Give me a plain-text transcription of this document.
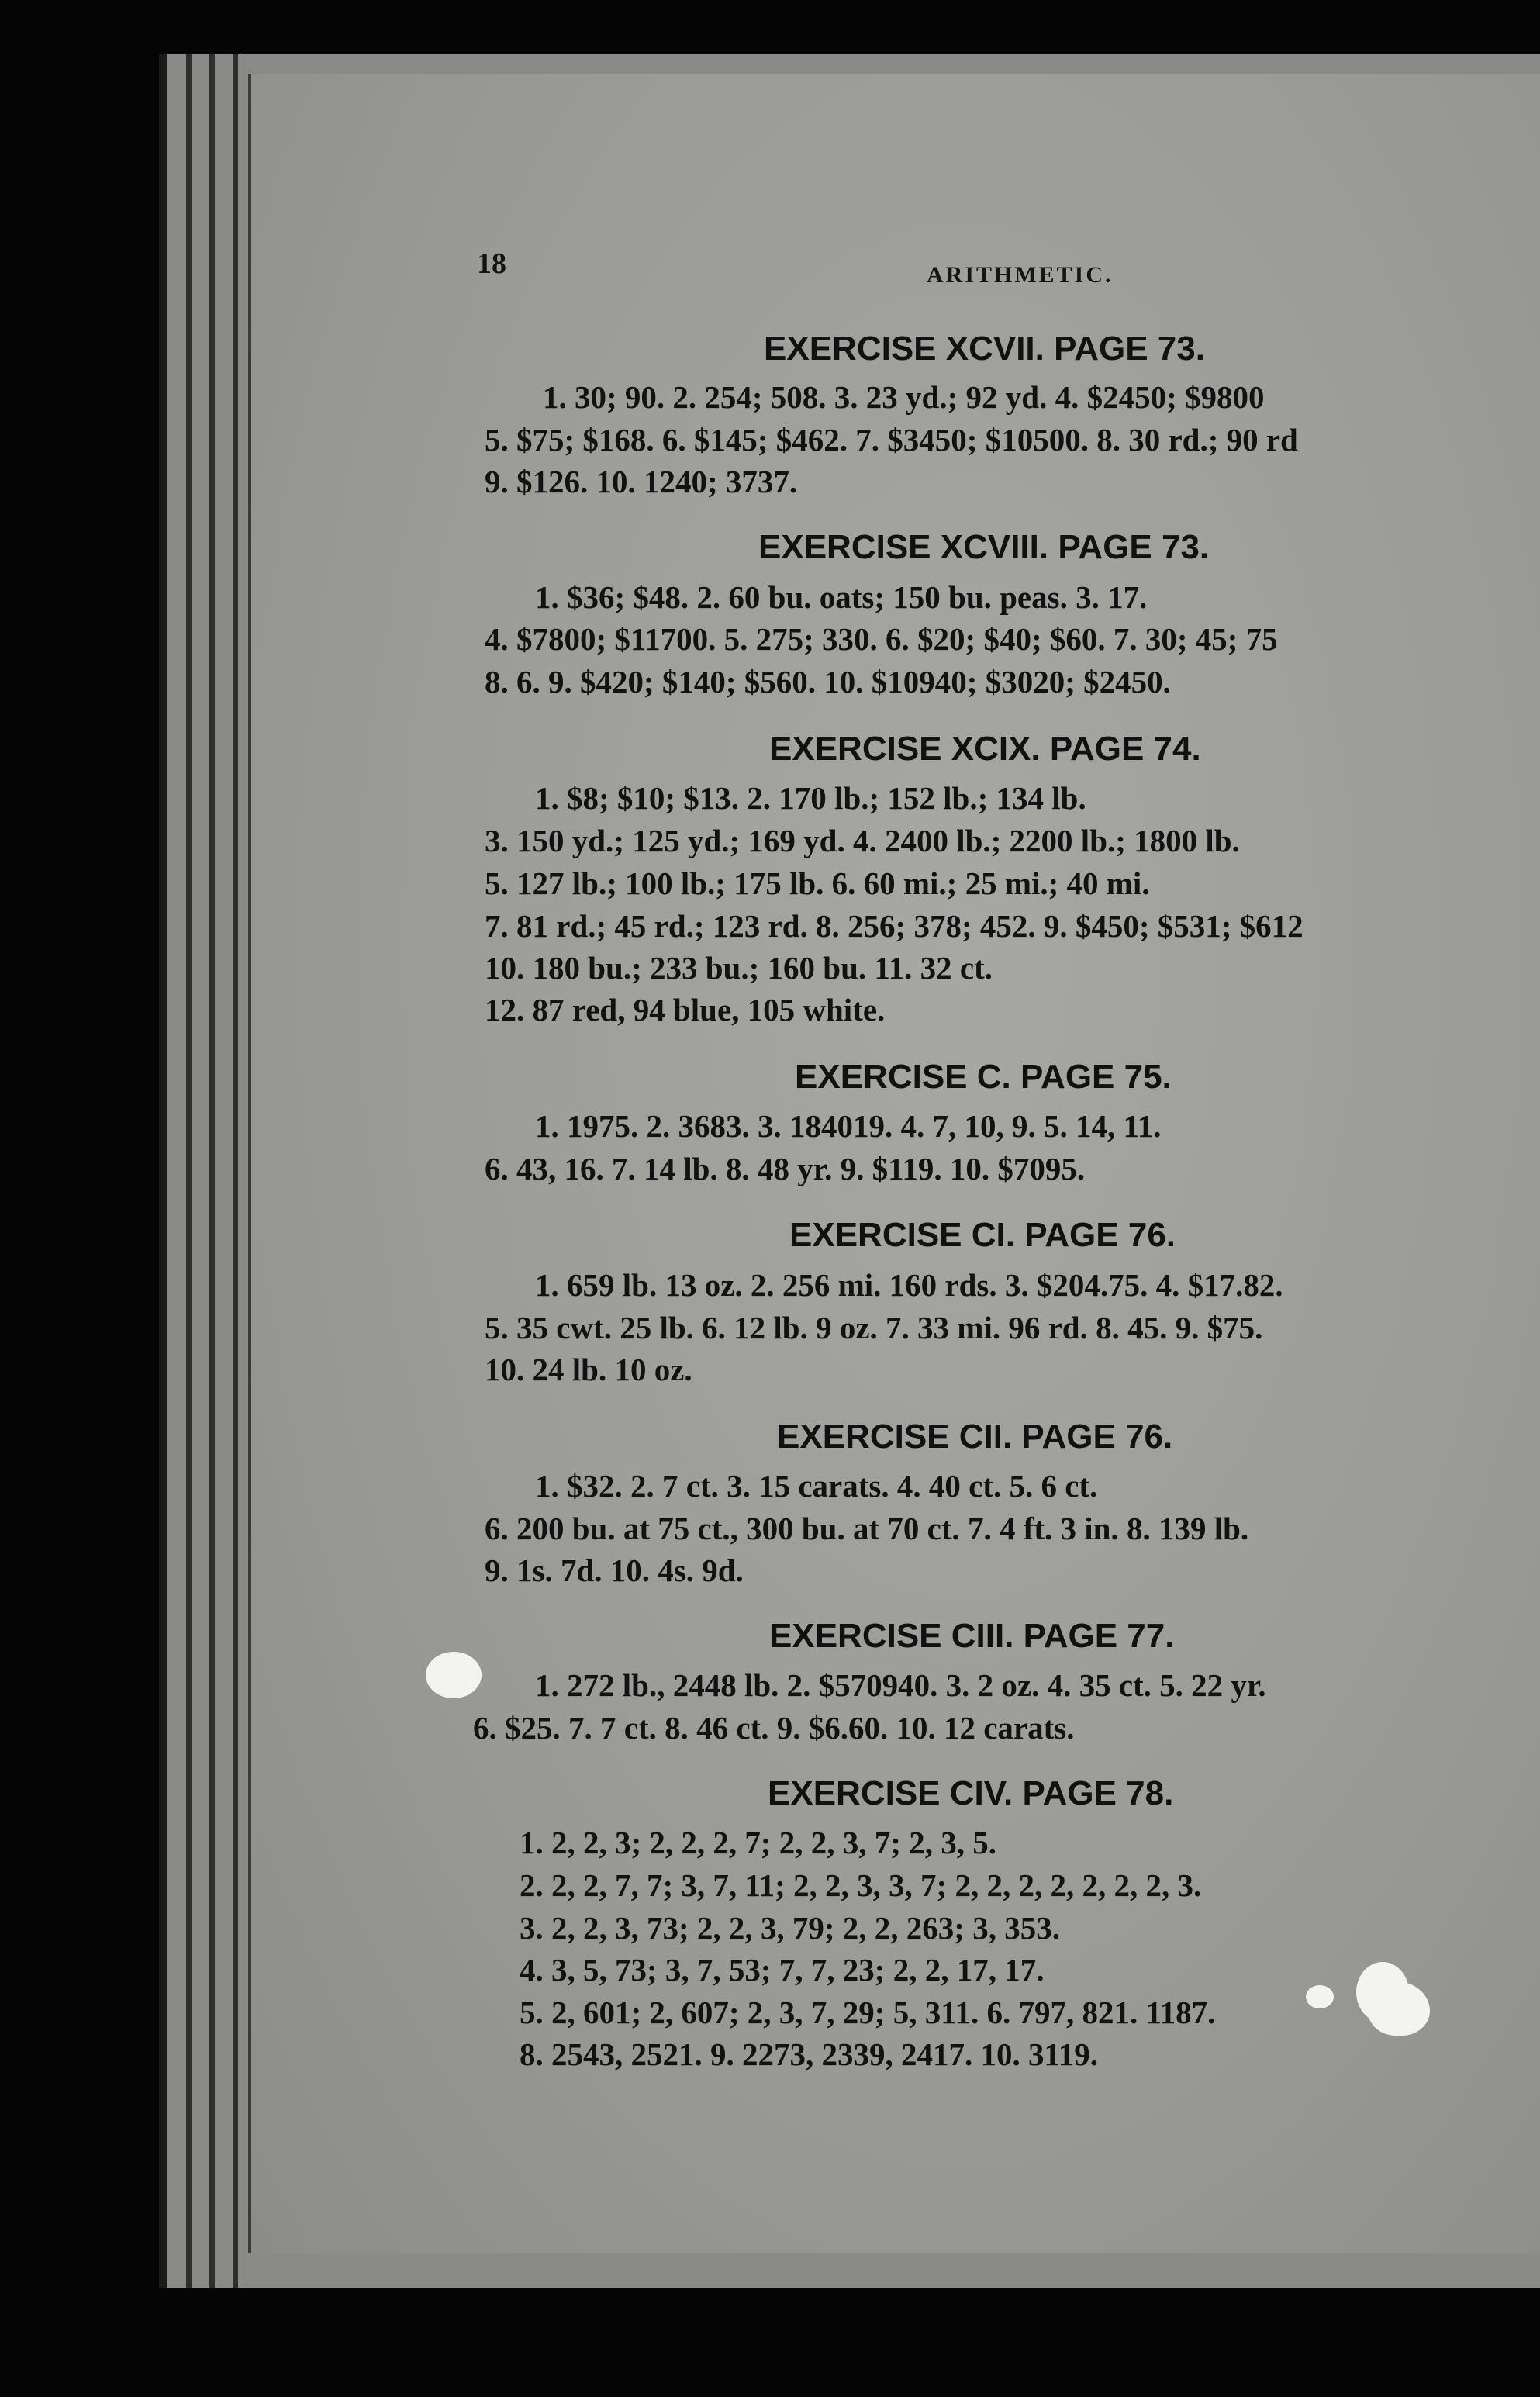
18	ARITHMETIC.
EXERCISE XCVII. PAGE 73.
1. 30; 90. 2. 254; 508. 3. 23 yd.; 92 yd. 4. $2450; $9800
5. $75; $168. 6. $145; $462. 7. $3450; $10500. 8. 30 rd.; 90 rd
9. $126. 10. 1240; 3737.
EXERCISE XCVIII. PAGE 73.
1. $36; $48. 2. 60 bu. oats; 150 bu. peas. 3. 17.
4. $7800; $11700. 5. 275; 330. 6. $20; $40; $60. 7. 30; 45; 75
8. 6. 9. $420; $140; $560. 10. $10940; $3020; $2450.
EXERCISE XCIX. PAGE 74.
1. $8; $10; $13. 2. 170 lb.; 152 lb.; 134 lb.
3. 150 yd.; 125 yd.; 169 yd. 4. 2400 lb.; 2200 lb.; 1800 lb.
5. 127 lb.; 100 lb.; 175 lb. 6. 60 mi.; 25 mi.; 40 mi.
7. 81 rd.; 45 rd.; 123 rd. 8. 256; 378; 452. 9. $450; $531; $612
10. 180 bu.; 233 bu.; 160 bu. 11. 32 ct.
12. 87 red, 94 blue, 105 white.
EXERCISE C. PAGE 75.
1. 1975. 2. 3683. 3. 184019. 4. 7, 10, 9. 5. 14, 11.
6. 43, 16. 7. 14 lb. 8. 48 yr. 9. $119. 10. $7095.
EXERCISE CI. PAGE 76.
1. 659 lb. 13 oz. 2. 256 mi. 160 rds. 3. $204.75. 4. $17.82.
5. 35 cwt. 25 lb. 6. 12 lb. 9 oz. 7. 33 mi. 96 rd. 8. 45. 9. $75.
10. 24 lb. 10 oz.
EXERCISE CII. PAGE 76.
1. $32. 2. 7 ct. 3. 15 carats. 4. 40 ct. 5. 6 ct.
6. 200 bu. at 75 ct., 300 bu. at 70 ct. 7. 4 ft. 3 in. 8. 139 lb.
9. 1s. 7d. 10. 4s. 9d.
EXERCISE CIII. PAGE 77.
1. 272 lb., 2448 lb. 2. $570940. 3. 2 oz. 4. 35 ct. 5. 22 yr.
6. $25. 7. 7 ct. 8. 46 ct. 9. $6.60. 10. 12 carats.
EXERCISE CIV. PAGE 78.
1. 2, 2, 3; 2, 2, 2, 7; 2, 2, 3, 7; 2, 3, 5.
2. 2, 2, 7, 7; 3, 7, 11; 2, 2, 3, 3, 7; 2, 2, 2, 2, 2, 2, 2, 3.
3. 2, 2, 3, 73; 2, 2, 3, 79; 2, 2, 263; 3, 353.
4. 3, 5, 73; 3, 7, 53; 7, 7, 23; 2, 2, 17, 17.
5. 2, 601; 2, 607; 2, 3, 7, 29; 5, 311. 6. 797, 821. 1187.
8. 2543, 2521. 9. 2273, 2339, 2417. 10. 3119.
